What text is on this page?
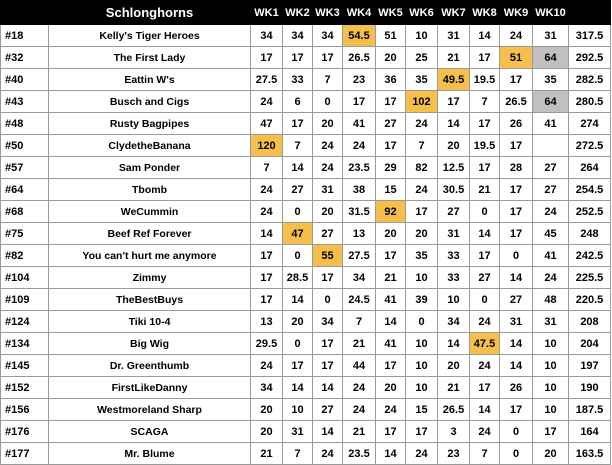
	Schlonghorns	WK1	WK2	WK3	WK4	WK5	WK6	WK7	WK8	WK9	WK10	
#18	Kelly's Tiger Heroes	34	34	34	54.5	51	10	31	14	24	31	317.5
#32	The First Lady	17	17	17	26.5	20	25	21	17	51	64	292.5
#40	Eattin W's	27.5	33	7	23	36	35	49.5	19.5	17	35	282.5
#43	Busch and Cigs	24	6	0	17	17	102	17	7	26.5	64	280.5
#48	Rusty Bagpipes	47	17	20	41	27	24	14	17	26	41	274
#50	ClydetheBanana	120	7	24	24	17	7	20	19.5	17		272.5
#57	Sam Ponder	7	14	24	23.5	29	82	12.5	17	28	27	264
#64	Tbomb	24	27	31	38	15	24	30.5	21	17	27	254.5
#68	WeCummin	24	0	20	31.5	92	17	27	0	17	24	252.5
#75	Beef Ref Forever	14	47	27	13	20	20	31	14	17	45	248
#82	You can't hurt me anymore	17	0	55	27.5	17	35	33	17	0	41	242.5
#104	Zimmy	17	28.5	17	34	21	10	33	27	14	24	225.5
#109	TheBestBuys	17	14	0	24.5	41	39	10	0	27	48	220.5
#124	Tiki 10-4	13	20	34	7	14	0	34	24	31	31	208
#134	Big Wig	29.5	0	17	21	41	10	14	47.5	14	10	204
#145	Dr. Greenthumb	24	17	17	44	17	10	20	24	14	10	197
#152	FirstLikeDanny	34	14	14	24	20	10	21	17	26	10	190
#156	Westmoreland Sharp	20	10	27	24	24	15	26.5	14	17	10	187.5
#176	SCAGA	20	31	14	21	17	17	3	24	0	17	164
#177	Mr. Blume	21	7	24	23.5	14	24	23	7	0	20	163.5
